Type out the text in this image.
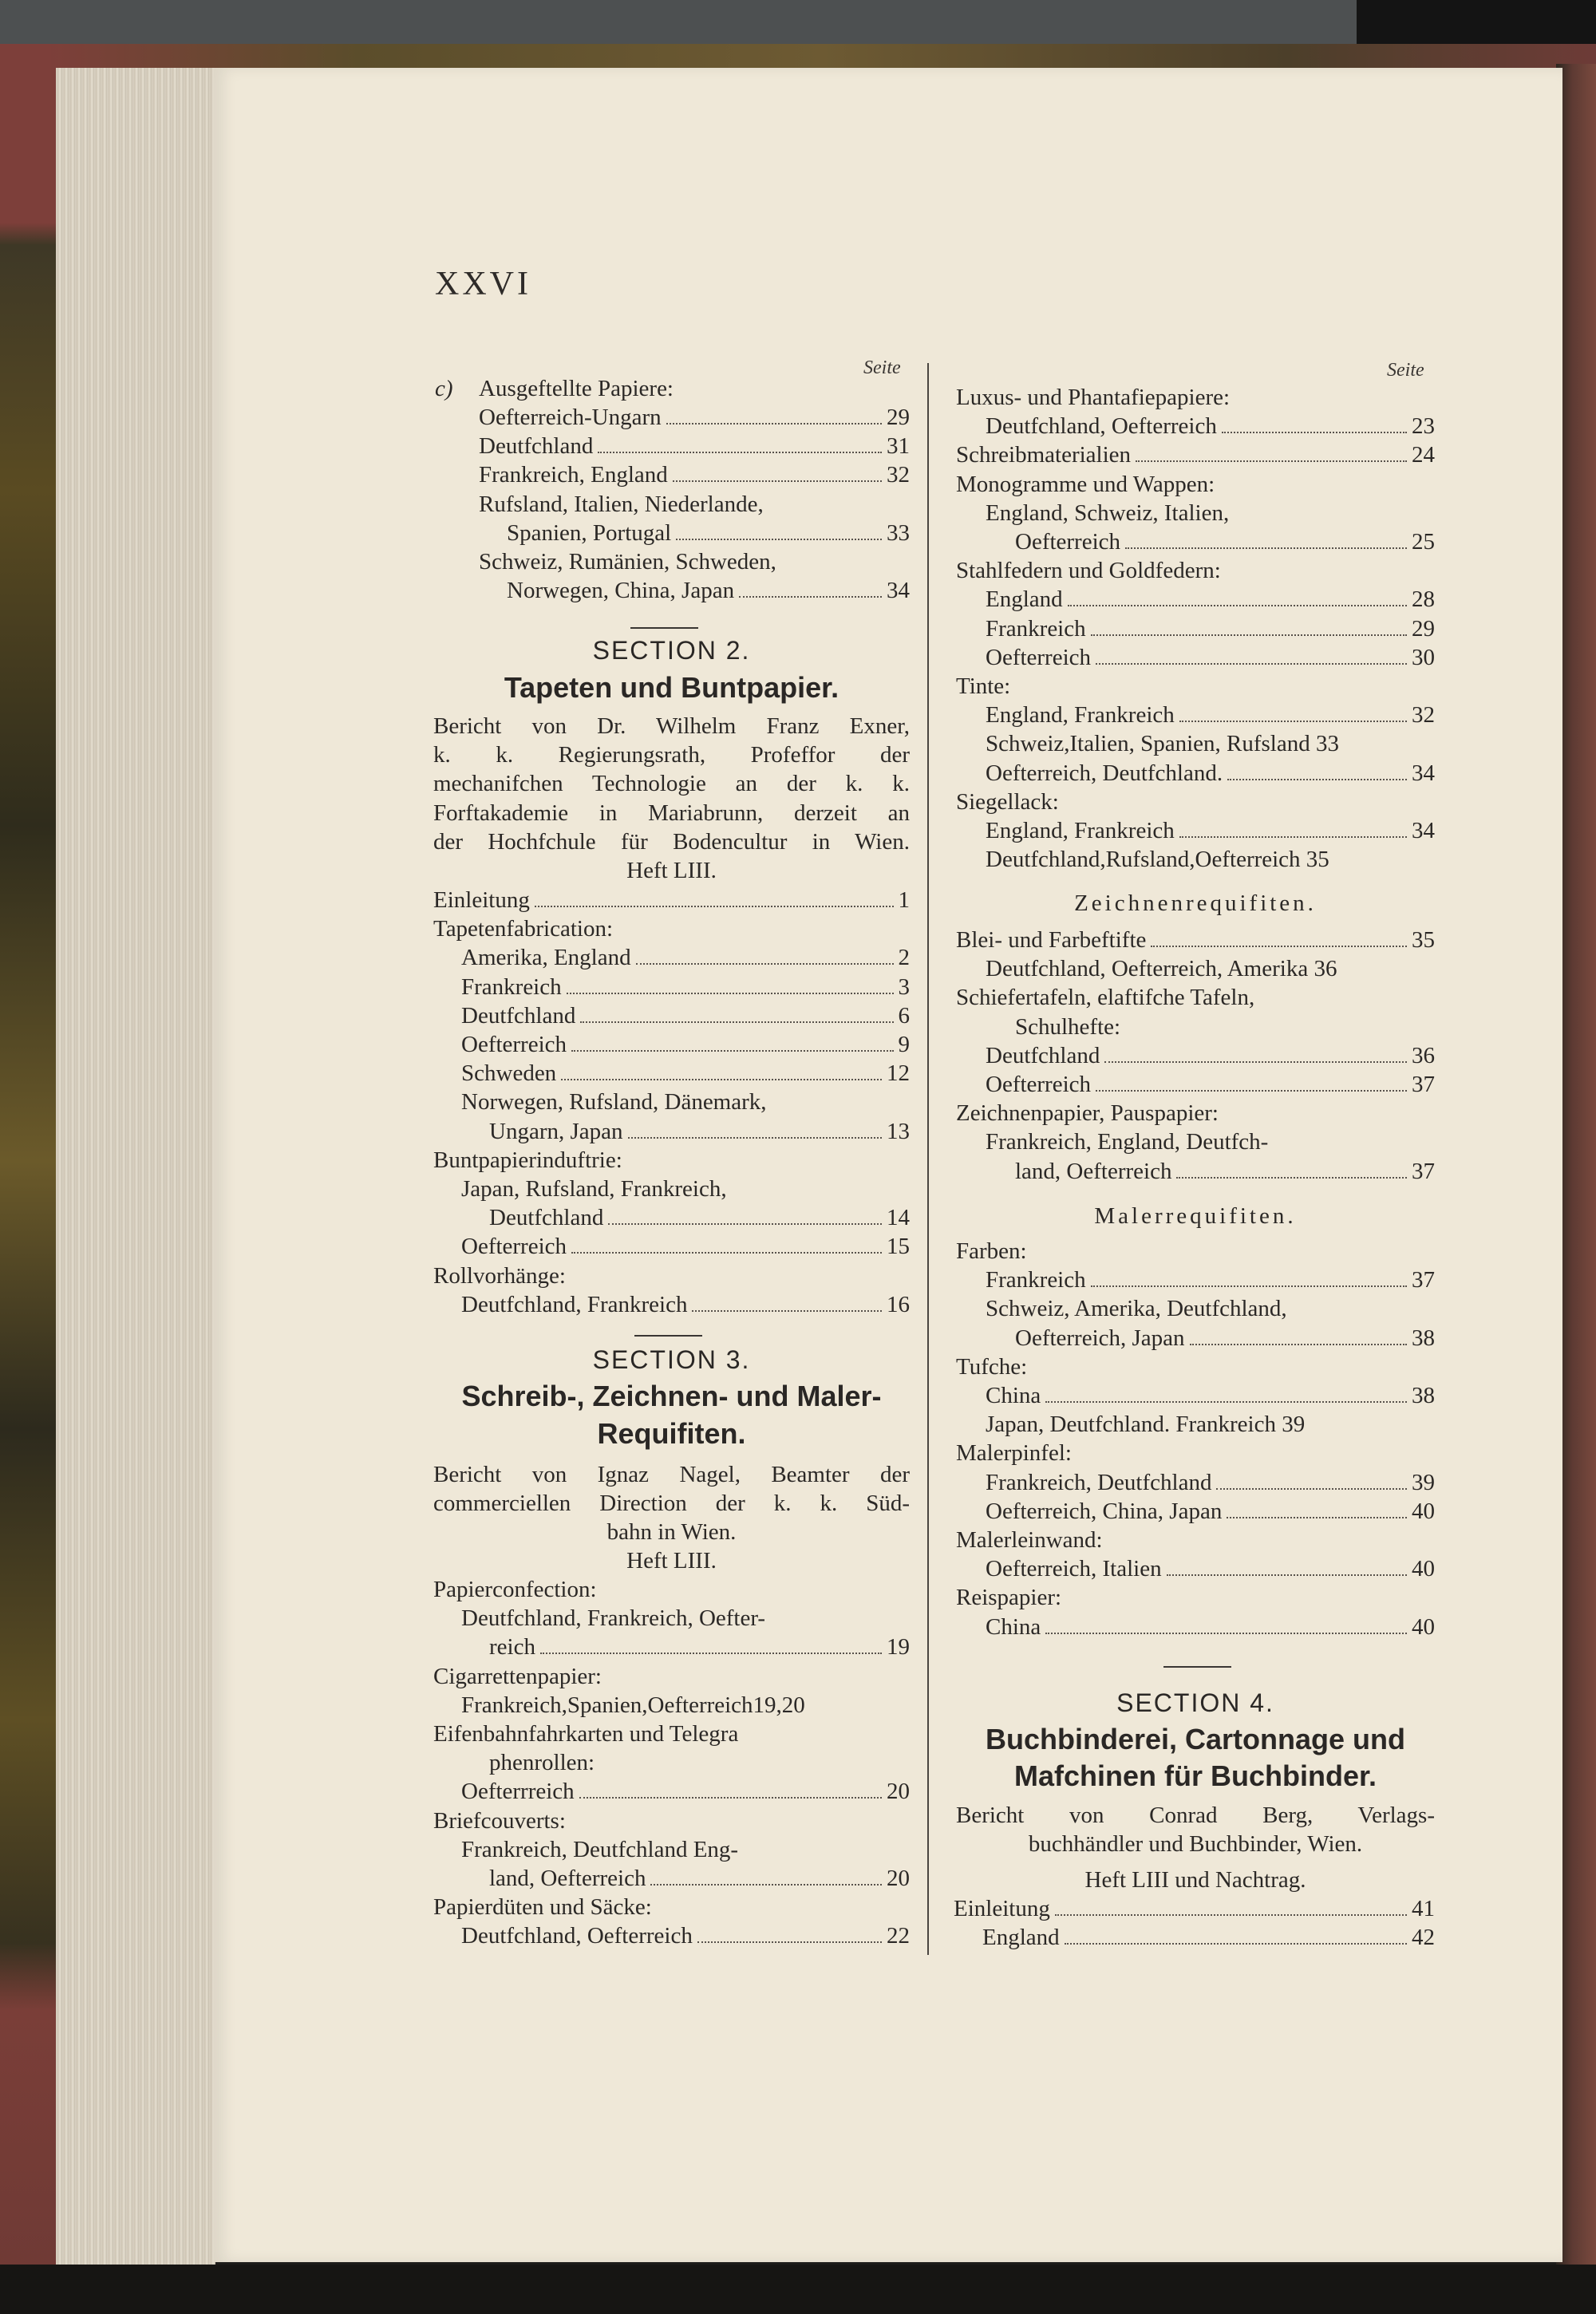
XXVI
Seite	Seite
c) Ausgeftellte Papiere:
Oefterreich-Ungarn	29
Deutfchland	31
Frankreich, England	32
Rufsland, Italien, Niederlande,
Spanien, Portugal	33
Schweiz, Rumänien, Schweden,
Norwegen, China, Japan	34
SECTION 2.
Tapeten und Buntpapier.
Bericht von Dr. Wilhelm Franz Exner,
k. k. Regierungsrath, Profeffor der
mechanifchen Technologie an der k. k.
Forftakademie in Mariabrunn, derzeit an
der Hochfchule für Bodencultur in Wien.
Heft LIII.
Einleitung	1
Tapetenfabrication:
Amerika, England	2
Frankreich	3
Deutfchland	6
Oefterreich	9
Schweden	12
Norwegen, Rufsland, Dänemark,
Ungarn, Japan	13
Buntpapierinduftrie:
Japan, Rufsland, Frankreich,
Deutfchland	14
Oefterreich	15
Rollvorhänge:
Deutfchland, Frankreich	16
SECTION 3.
Schreib-, Zeichnen- und Maler-
Requifiten.
Bericht von Ignaz Nagel, Beamter der
commerciellen Direction der k. k. Süd-
bahn in Wien.
Heft LIII.
Papierconfection:
Deutfchland, Frankreich, Oefter-
reich	19
Cigarrettenpapier:
Frankreich,Spanien,Oefterreich19,20
Eifenbahnfahrkarten und Telegra
phenrollen:
Oefterrreich	20
Briefcouverts:
Frankreich, Deutfchland Eng-
land, Oefterreich	20
Papierdüten und Säcke:
Deutfchland, Oefterreich	22
Luxus- und Phantafiepapiere:
Deutfchland, Oefterreich	23
Schreibmaterialien	24
Monogramme und Wappen:
England, Schweiz, Italien,
Oefterreich	25
Stahlfedern und Goldfedern:
England	28
Frankreich	29
Oefterreich	30
Tinte:
England, Frankreich	32
Schweiz,Italien, Spanien, Rufsland 33
Oefterreich, Deutfchland.	34
Siegellack:
England, Frankreich	34
Deutfchland,Rufsland,Oefterreich 35
Zeichnenrequifiten.
Blei- und Farbeftifte	35
Deutfchland, Oefterreich, Amerika 36
Schiefertafeln, elaftifche Tafeln,
Schulhefte:
Deutfchland	36
Oefterreich	37
Zeichnenpapier, Pauspapier:
Frankreich, England, Deutfch-
land, Oefterreich	37
Malerrequifiten.
Farben:
Frankreich	37
Schweiz, Amerika, Deutfchland,
Oefterreich, Japan	38
Tufche:
China	38
Japan, Deutfchland. Frankreich 39
Malerpinfel:
Frankreich, Deutfchland	39
Oefterreich, China, Japan	40
Malerleinwand:
Oefterreich, Italien	40
Reispapier:
China	40
SECTION 4.
Buchbinderei, Cartonnage und
Mafchinen für Buchbinder.
Bericht von Conrad Berg, Verlags-
buchhändler und Buchbinder, Wien.
Heft LIII und Nachtrag.
Einleitung	41
England	42
